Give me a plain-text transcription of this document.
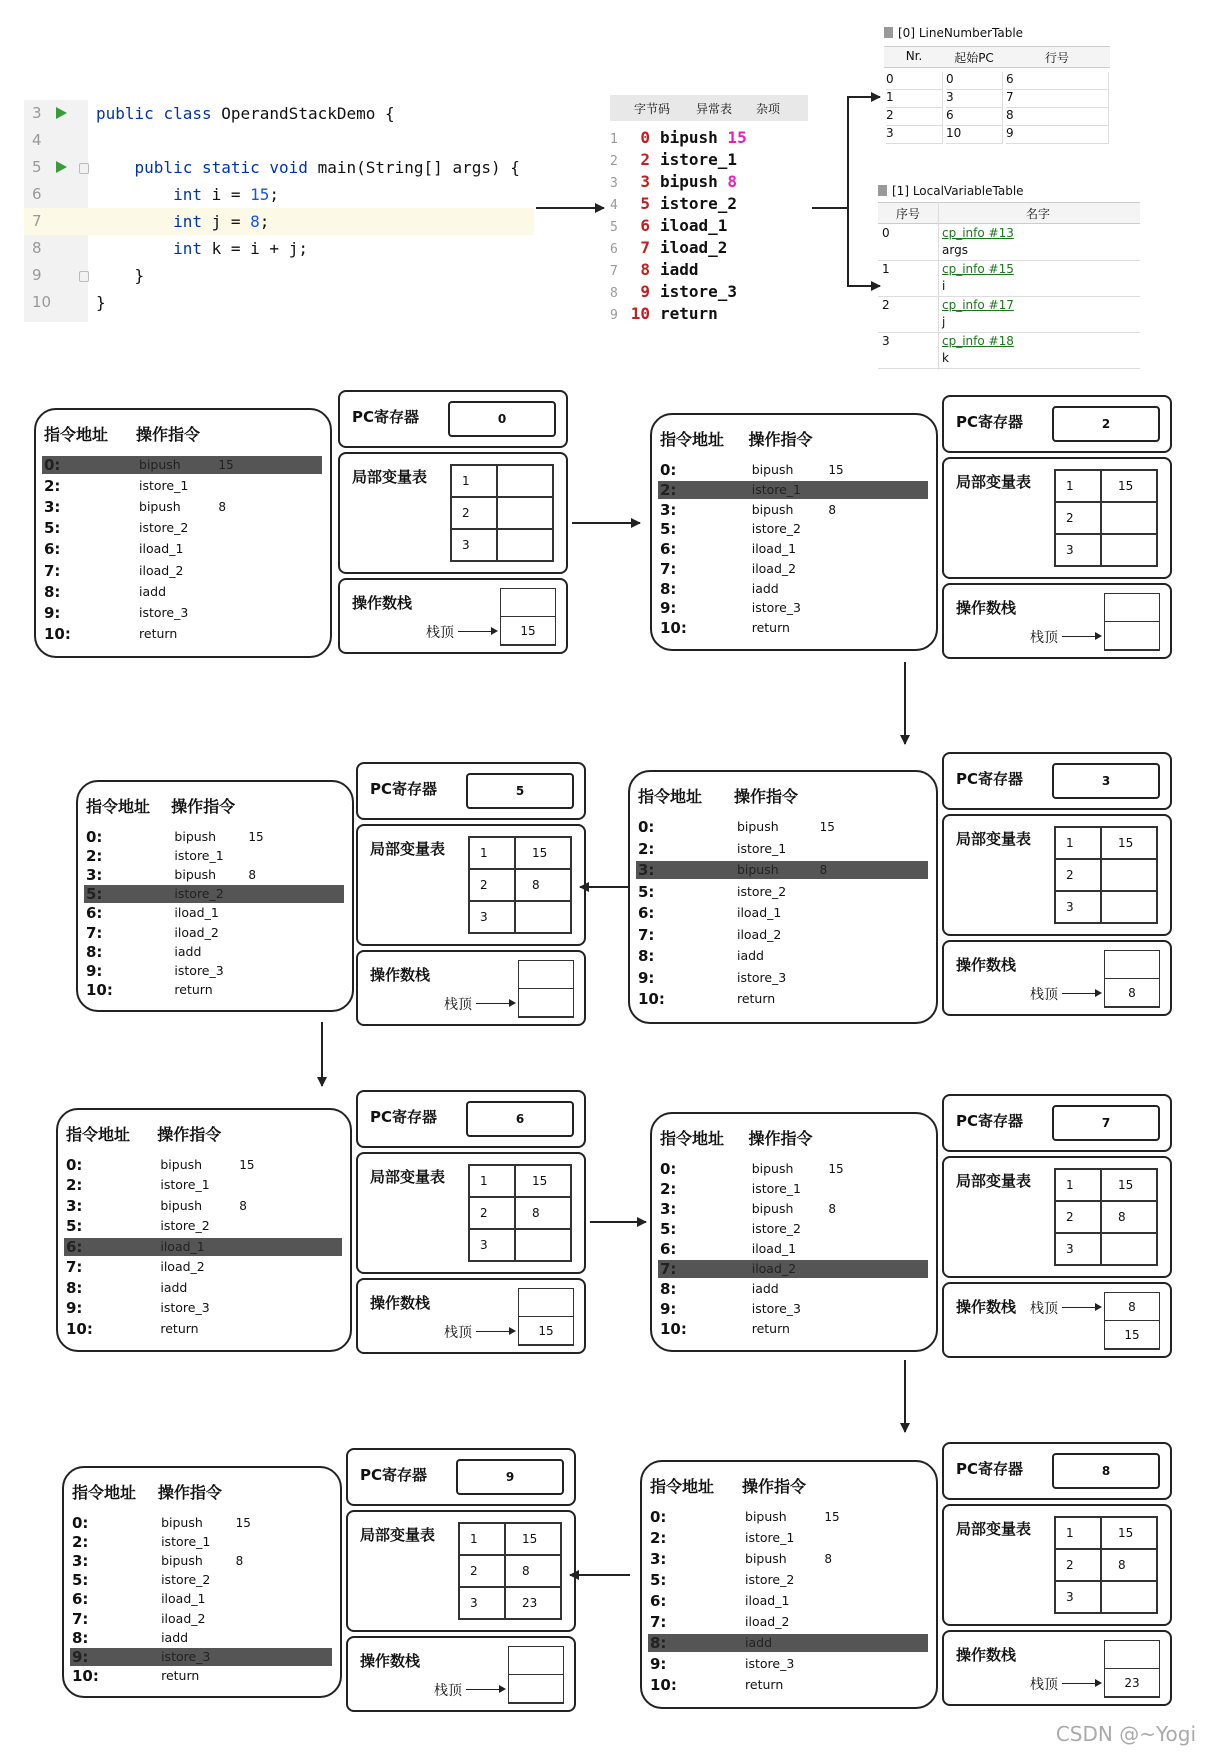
3	public class OperandStackDemo {
4
5	public static void main(String[] args) {
6	int i = 15;
7	int j = 8;
8	int k = i + j;
9	}
10	}
字节码 异常表 杂项
1 0 bipush 15
2 2 istore_1
3 3 bipush 8
4 5 istore_2
5 6 iload_1
6 7 iload_2
7 8 iadd
8 9 istore_3
9 10 return
[0] LineNumberTable
Nr.	起始PC	行号
0	0	6
1	3	7
2	6	8
3	10	9
[1] LocalVariableTable
序号	名字
0	cp_info #13
args
1	cp_info #15
i
2	cp_info #17
j
3	cp_info #18
k
指令地址 操作指令
0:	bipush	15
2:	istore_1
3:	bipush	8
5:	istore_2
6:	iload_1
7:	iload_2
8:	iadd
9:	istore_3
10:	return
PC寄存器	0
局部变量表	1
2
3
操作数栈
15
栈顶
指令地址 操作指令
0:	bipush	15
2:	istore_1
3:	bipush	8
5:	istore_2
6:	iload_1
7:	iload_2
8:	iadd
9:	istore_3
10:	return
PC寄存器	2
局部变量表	1	15
2
3
操作数栈
栈顶
指令地址 操作指令
0:	bipush	15
2:	istore_1
3:	bipush	8
5:	istore_2
6:	iload_1
7:	iload_2
8:	iadd
9:	istore_3
10:	return
PC寄存器	3
局部变量表	1	15
2
3
操作数栈
8
栈顶
指令地址 操作指令
0:	bipush	15
2:	istore_1
3:	bipush	8
5:	istore_2
6:	iload_1
7:	iload_2
8:	iadd
9:	istore_3
10:	return
PC寄存器	5
局部变量表	1	15
2	8
3
操作数栈
栈顶
指令地址 操作指令
0:	bipush	15
2:	istore_1
3:	bipush	8
5:	istore_2
6:	iload_1
7:	iload_2
8:	iadd
9:	istore_3
10:	return
PC寄存器	6
局部变量表	1	15
2	8
3
操作数栈
15
栈顶
指令地址 操作指令
0:	bipush	15
2:	istore_1
3:	bipush	8
5:	istore_2
6:	iload_1
7:	iload_2
8:	iadd
9:	istore_3
10:	return
PC寄存器	7
局部变量表	1	15
2	8
3
操作数栈	8
15
栈顶
指令地址 操作指令
0:	bipush	15
2:	istore_1
3:	bipush	8
5:	istore_2
6:	iload_1
7:	iload_2
8:	iadd
9:	istore_3
10:	return
PC寄存器	8
局部变量表	1	15
2	8
3
操作数栈
23
栈顶
指令地址 操作指令
0:	bipush	15
2:	istore_1
3:	bipush	8
5:	istore_2
6:	iload_1
7:	iload_2
8:	iadd
9:	istore_3
10:	return
PC寄存器	9
局部变量表	1	15
2	8
3	23
操作数栈
栈顶
CSDN @~Yogi
